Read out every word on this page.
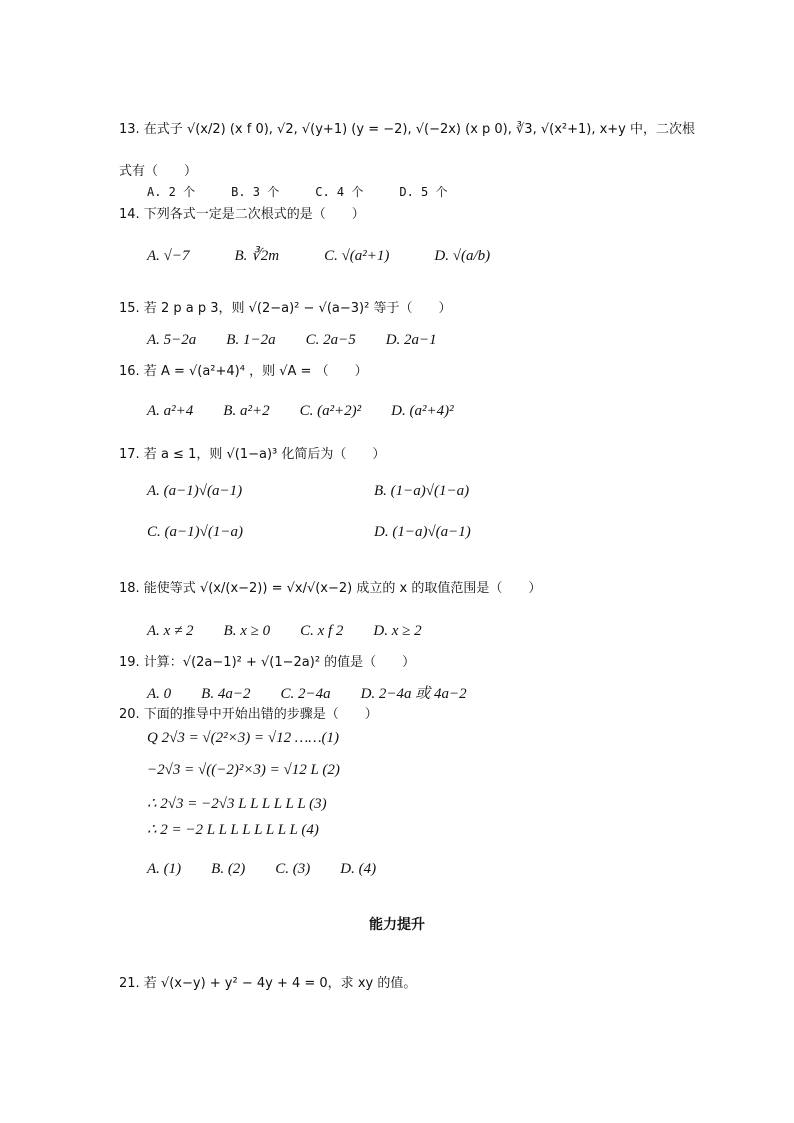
13. 在式子 √(x/2) (x f 0), √2, √(y+1) (y = −2), √(−2x) (x p 0), ∛3, √(x²+1), x+y 中，二次根
式有（　　）
A. 2 个　　　B. 3 个　　　C. 4 个　　　D. 5 个
14. 下列各式一定是二次根式的是（　　）
A. √−7　　　B. ∛2m　　　C. √(a²+1)　　　D. √(a/b)
15. 若 2 p a p 3，则 √(2−a)² − √(a−3)² 等于（　　）
A. 5−2a　　B. 1−2a　　C. 2a−5　　D. 2a−1
16. 若 A = √(a²+4)⁴ ，则 √A = （　　）
A. a²+4　　B. a²+2　　C. (a²+2)²　　D. (a²+4)²
17. 若 a ≤ 1，则 √(1−a)³ 化简后为（　　）
A. (a−1)√(a−1)	B. (1−a)√(1−a)
C. (a−1)√(1−a)	D. (1−a)√(a−1)
18. 能使等式 √(x/(x−2)) = √x/√(x−2) 成立的 x 的取值范围是（　　）
A. x ≠ 2　　B. x ≥ 0　　C. x f 2　　D. x ≥ 2
19. 计算：√(2a−1)² + √(1−2a)² 的值是（　　）
A. 0　　B. 4a−2　　C. 2−4a　　D. 2−4a 或 4a−2
20. 下面的推导中开始出错的步骤是（　　）
Q 2√3 = √(2²×3) = √12 ……(1)
−2√3 = √((−2)²×3) = √12 L (2)
∴ 2√3 = −2√3 L L L L L L (3)
∴ 2 = −2 L L L L L L L L (4)
A. (1)　　B. (2)　　C. (3)　　D. (4)
能力提升
21. 若 √(x−y) + y² − 4y + 4 = 0，求 xy 的值。
